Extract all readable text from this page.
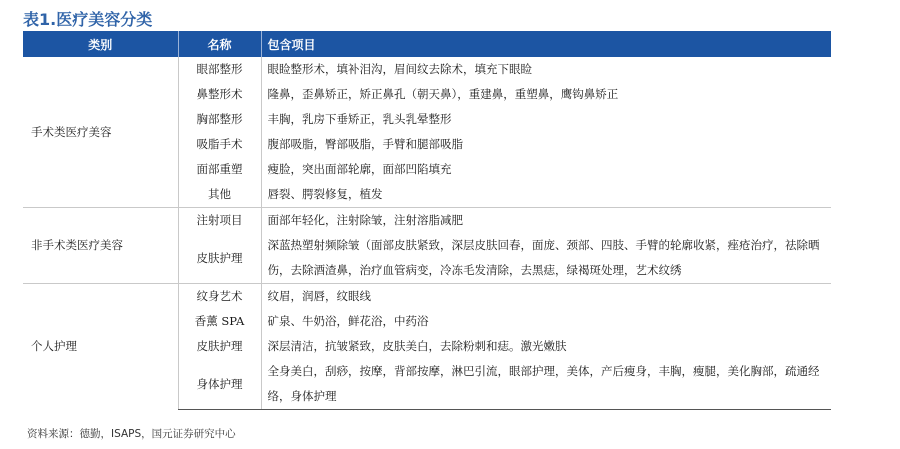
表1.医疗美容分类
类别	名称	包含项目
手术类医疗美容	眼部整形	眼睑整形术，填补泪沟，眉间纹去除术，填充下眼睑
	鼻整形术	隆鼻，歪鼻矫正，矫正鼻孔（朝天鼻），重建鼻，重塑鼻，鹰钩鼻矫正
	胸部整形	丰胸，乳房下垂矫正，乳头乳晕整形
	吸脂手术	腹部吸脂，臀部吸脂，手臂和腿部吸脂
	面部重塑	瘦脸，突出面部轮廓，面部凹陷填充
	其他	唇裂、腭裂修复，植发
非手术类医疗美容	注射项目	面部年轻化，注射除皱，注射溶脂减肥
	皮肤护理	深蓝热塑射频除皱（面部皮肤紧致，深层皮肤回春，面庞、颈部、四肢、手臂的轮廓收紧，痤疮治疗，祛除晒伤，去除酒渣鼻，治疗血管病变，冷冻毛发清除，去黑痣，绿褐斑处理，艺术纹绣
个人护理	纹身艺术	纹眉，润唇，纹眼线
	香薰 SPA	矿泉、牛奶浴，鲜花浴，中药浴
	皮肤护理	深层清洁，抗皱紧致，皮肤美白，去除粉刺和痣。激光嫩肤
	身体护理	全身美白，刮痧，按摩，背部按摩，淋巴引流，眼部护理，美体，产后瘦身，丰胸，瘦腿，美化胸部，疏通经络，身体护理
资料来源：德勤，ISAPS，国元证券研究中心
